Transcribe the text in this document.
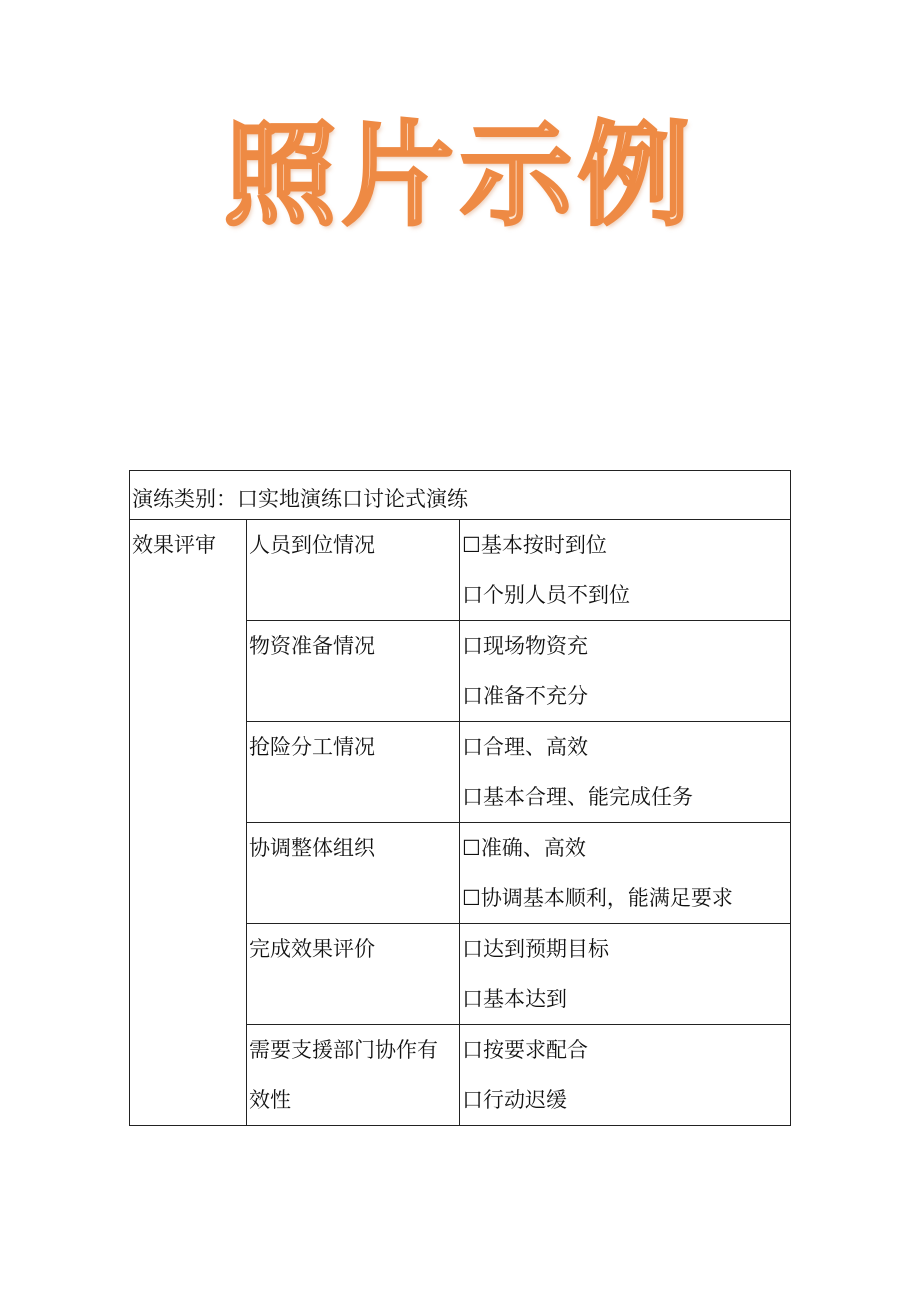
照片示例
演练类别：口实地演练口讨论式演练		

效果评审	人员到位情况	☐基本按时到位
口个别人员不到位

	物资准备情况	口现场物资充
口准备不充分

	抢险分工情况	口合理、高效
口基本合理、能完成任务

	协调整体组织	☐准确、高效
☐协调基本顺利，能满足要求

	完成效果评价	口达到预期目标
口基本达到

	需要支援部门协作有效性	口按要求配合
口行动迟缓
